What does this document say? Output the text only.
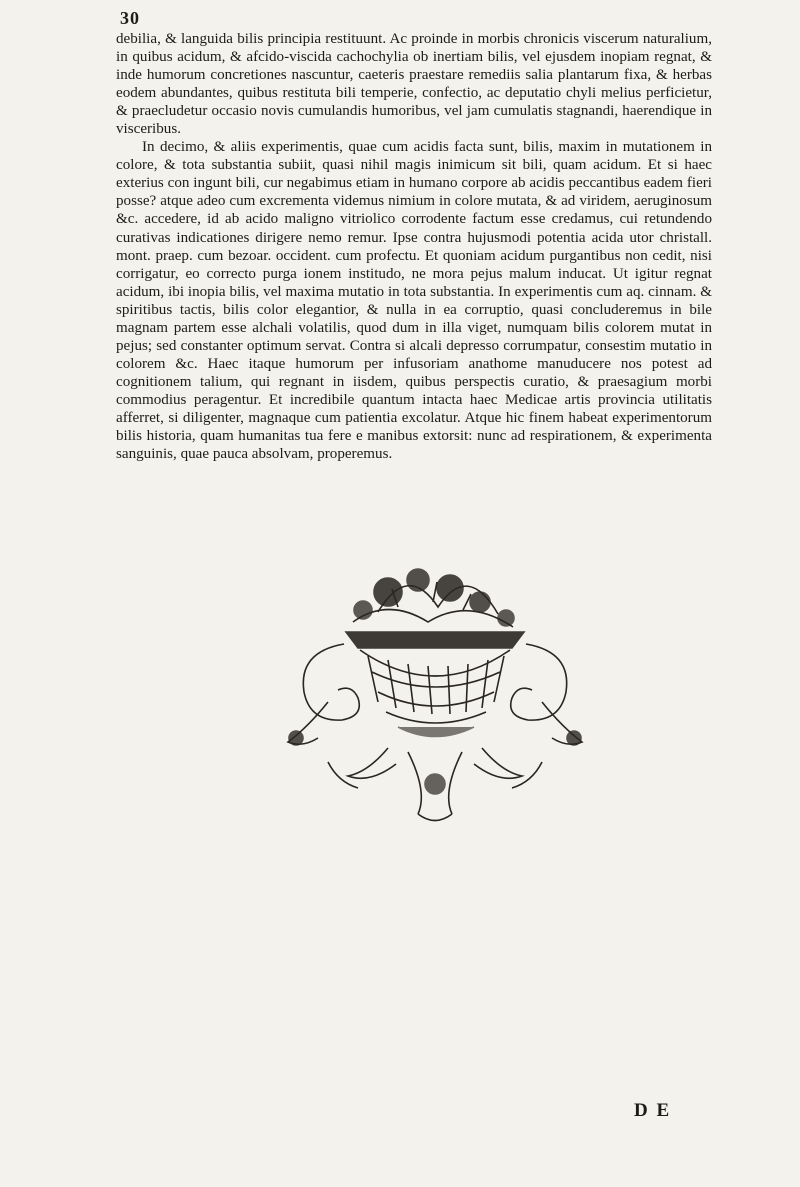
30

debilia, & languida bilis principia restituunt. Ac proinde in morbis chronicis viscerum naturalium, in quibus acidum, & afcido-viscida cachochylia ob inertiam bilis, vel ejusdem inopiam regnat, & inde humorum concretiones nascuntur, caeteris praestare remediis salia plantarum fixa, & herbas eodem abundantes, quibus restituta bili temperie, confectio, ac deputatio chyli melius perficietur, & praecludetur occasio novis cumulandis humoribus, vel jam cumulatis stagnandi, haerendique in visceribus.

In decimo, & aliis experimentis, quae cum acidis facta sunt, bilis, maxim in mutationem in colore, & tota substantia subiit, quasi nihil magis inimicum sit bili, quam acidum. Et si haec exterius con ingunt bili, cur negabimus etiam in humano corpore ab acidis peccantibus eadem fieri posse? atque adeo cum excrementa videmus nimium in colore mutata, & ad viridem, aeruginosum &c. accedere, id ab acido maligno vitriolico corrodente factum esse credamus, cui retundendo curativas indicationes dirigere nemo remur. Ipse contra hujusmodi potentia acida utor christall. mont. praep. cum bezoar. occident. cum profectu. Et quoniam acidum purgantibus non cedit, nisi corrigatur, eo correcto purga ionem institudo, ne mora pejus malum inducat. Ut igitur regnat acidum, ibi inopia bilis, vel maxima mutatio in tota substantia. In experimentis cum aq. cinnam. & spiritibus tactis, bilis color elegantior, & nulla in ea corruptio, quasi concluderemus in bile magnam partem esse alchali volatilis, quod dum in illa viget, numquam bilis colorem mutat in pejus; sed constanter optimum servat. Contra si alcali depresso corrumpatur, consestim mutatio in colorem &c. Haec itaque humorum per infusoriam anathome manuducere nos potest ad cognitionem talium, qui regnant in iisdem, quibus perspectis curatio, & praesagium morbi commodius peragentur. Et incredibile quantum intacta haec Medicae artis provincia utilitatis afferret, si diligenter, magnaque cum patientia excolatur. Atque hic finem habeat experimentorum bilis historia, quam humanitas tua fere e manibus extorsit: nunc ad respirationem, & experimenta sanguinis, quae pauca absolvam, properemus.

D E
